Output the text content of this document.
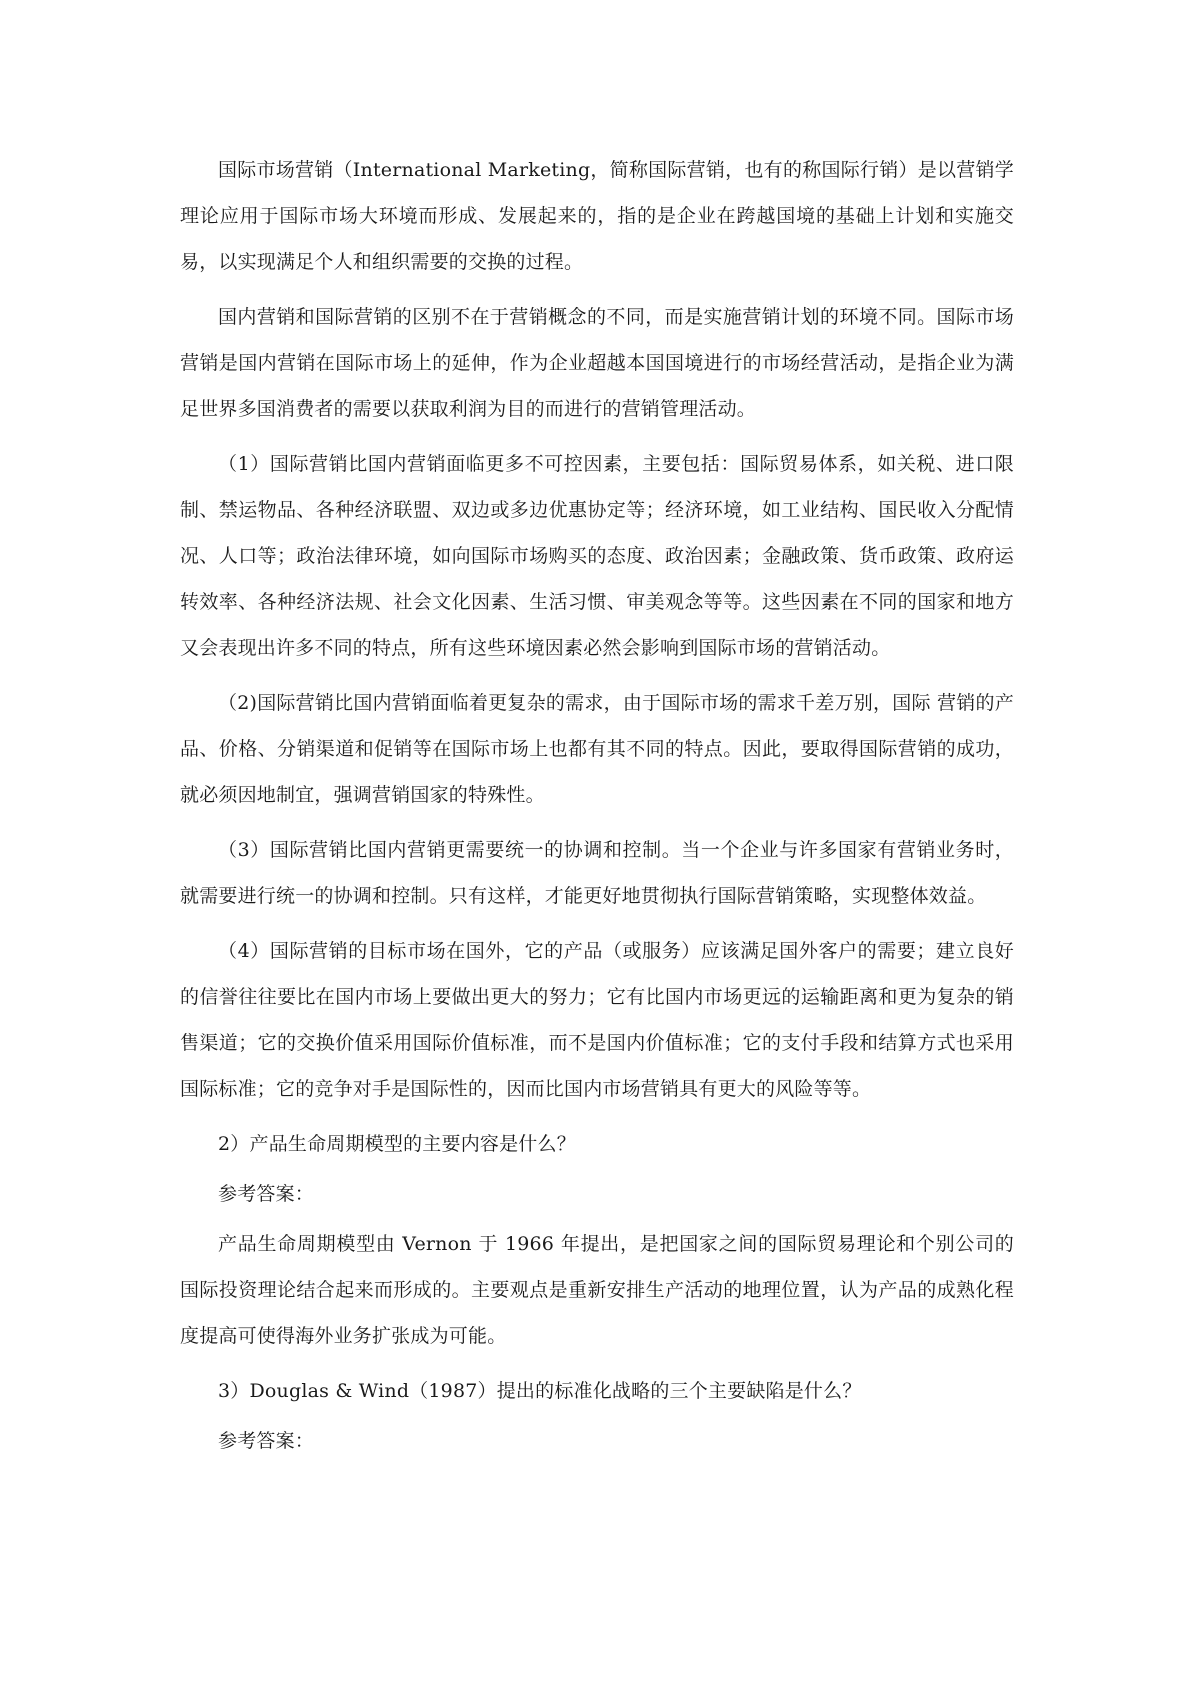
国际市场营销（International Marketing，简称国际营销，也有的称国际行销）是以营销学理论应用于国际市场大环境而形成、发展起来的，指的是企业在跨越国境的基础上计划和实施交易，以实现满足个人和组织需要的交换的过程。

国内营销和国际营销的区别不在于营销概念的不同，而是实施营销计划的环境不同。国际市场营销是国内营销在国际市场上的延伸，作为企业超越本国国境进行的市场经营活动，是指企业为满足世界多国消费者的需要以获取利润为目的而进行的营销管理活动。

（1）国际营销比国内营销面临更多不可控因素，主要包括：国际贸易体系，如关税、进口限制、禁运物品、各种经济联盟、双边或多边优惠协定等；经济环境，如工业结构、国民收入分配情况、人口等；政治法律环境，如向国际市场购买的态度、政治因素；金融政策、货币政策、政府运转效率、各种经济法规、社会文化因素、生活习惯、审美观念等等。这些因素在不同的国家和地方又会表现出许多不同的特点，所有这些环境因素必然会影响到国际市场的营销活动。

（2)国际营销比国内营销面临着更复杂的需求，由于国际市场的需求千差万别，国际 营销的产品、价格、分销渠道和促销等在国际市场上也都有其不同的特点。因此，要取得国际营销的成功，就必须因地制宜，强调营销国家的特殊性。

（3）国际营销比国内营销更需要统一的协调和控制。当一个企业与许多国家有营销业务时，就需要进行统一的协调和控制。只有这样，才能更好地贯彻执行国际营销策略，实现整体效益。

（4）国际营销的目标市场在国外，它的产品（或服务）应该满足国外客户的需要；建立良好 的信誉往往要比在国内市场上要做出更大的努力；它有比国内市场更远的运输距离和更为复杂的销售渠道；它的交换价值采用国际价值标准，而不是国内价值标准；它的支付手段和结算方式也采用国际标准；它的竞争对手是国际性的，因而比国内市场营销具有更大的风险等等。

2）产品生命周期模型的主要内容是什么？

参考答案：

产品生命周期模型由 Vernon 于 1966 年提出，是把国家之间的国际贸易理论和个别公司的国际投资理论结合起来而形成的。主要观点是重新安排生产活动的地理位置，认为产品的成熟化程度提高可使得海外业务扩张成为可能。

3）Douglas & Wind（1987）提出的标准化战略的三个主要缺陷是什么？

参考答案：
